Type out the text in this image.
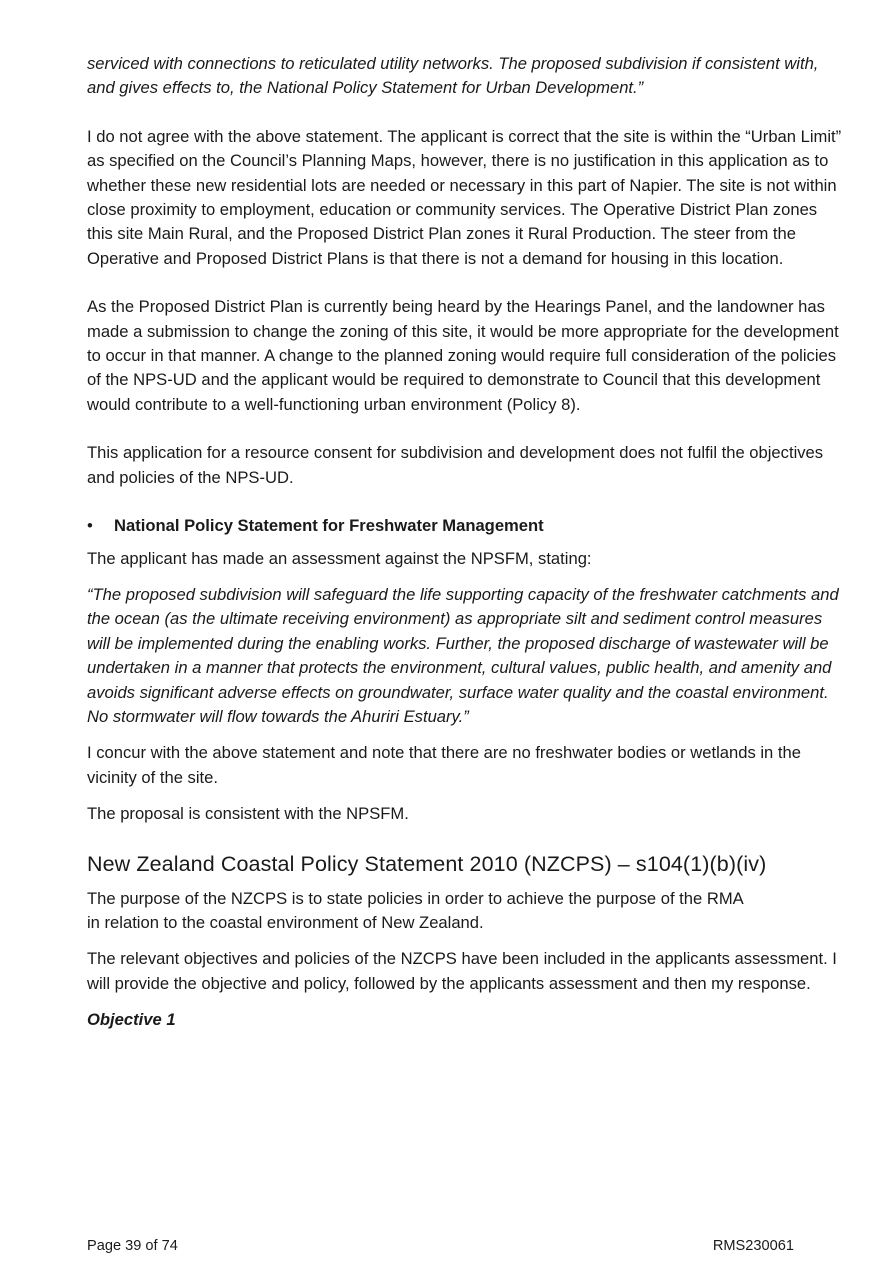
serviced with connections to reticulated utility networks. The proposed subdivision if consistent with, and gives effects to, the National Policy Statement for Urban Development.”

I do not agree with the above statement. The applicant is correct that the site is within the “Urban Limit” as specified on the Council’s Planning Maps, however, there is no justification in this application as to whether these new residential lots are needed or necessary in this part of Napier. The site is not within close proximity to employment, education or community services. The Operative District Plan zones this site Main Rural, and the Proposed District Plan zones it Rural Production. The steer from the Operative and Proposed District Plans is that there is not a demand for housing in this location.

As the Proposed District Plan is currently being heard by the Hearings Panel, and the landowner has made a submission to change the zoning of this site, it would be more appropriate for the development to occur in that manner. A change to the planned zoning would require full consideration of the policies of the NPS-UD and the applicant would be required to demonstrate to Council that this development would contribute to a well-functioning urban environment (Policy 8).

This application for a resource consent for subdivision and development does not fulfil the objectives and policies of the NPS-UD.

•	National Policy Statement for Freshwater Management

The applicant has made an assessment against the NPSFM, stating:

“The proposed subdivision will safeguard the life supporting capacity of the freshwater catchments and the ocean (as the ultimate receiving environment) as appropriate silt and sediment control measures will be implemented during the enabling works. Further, the proposed discharge of wastewater will be undertaken in a manner that protects the environment, cultural values, public health, and amenity and avoids significant adverse effects on groundwater, surface water quality and the coastal environment. No stormwater will flow towards the Ahuriri Estuary.”

I concur with the above statement and note that there are no freshwater bodies or wetlands in the vicinity of the site.

The proposal is consistent with the NPSFM.

New Zealand Coastal Policy Statement 2010 (NZCPS) – s104(1)(b)(iv)

The purpose of the NZCPS is to state policies in order to achieve the purpose of the RMA
in relation to the coastal environment of New Zealand.

The relevant objectives and policies of the NZCPS have been included in the applicants assessment. I will provide the objective and policy, followed by the applicants assessment and then my response.

Objective 1

Page 39 of 74	RMS230061
